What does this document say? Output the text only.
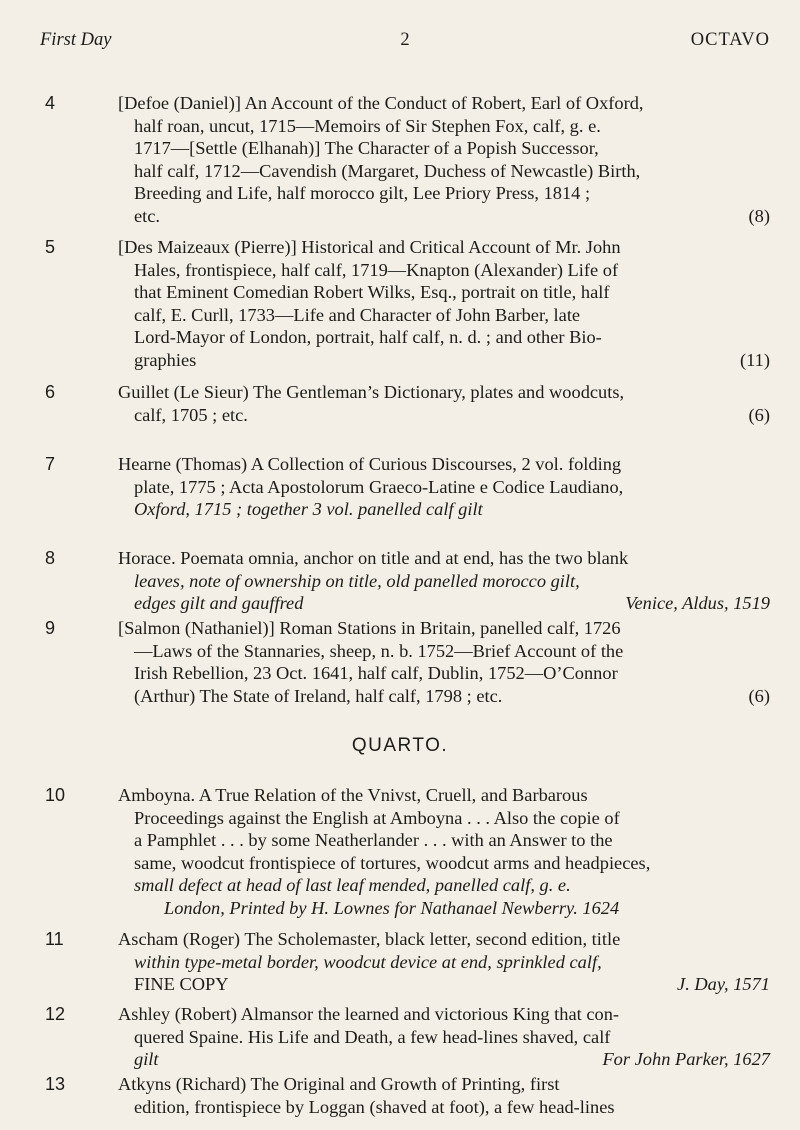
First Day	2	OCTAVO
4	[Defoe (Daniel)] An Account of the Conduct of Robert, Earl of Oxford,

half roan, uncut, 1715—Memoirs of Sir Stephen Fox, calf, g. e.

1717—[Settle (Elhanah)] The Character of a Popish Successor,

half calf, 1712—Cavendish (Margaret, Duchess of Newcastle) Birth,

Breeding and Life, half morocco gilt, Lee Priory Press, 1814 ;

etc.	(8)

5	[Des Maizeaux (Pierre)] Historical and Critical Account of Mr. John

Hales, frontispiece, half calf, 1719—Knapton (Alexander) Life of

that Eminent Comedian Robert Wilks, Esq., portrait on title, half

calf, E. Curll, 1733—Life and Character of John Barber, late

Lord-Mayor of London, portrait, half calf, n. d. ; and other Bio-

graphies	(11)

6	Guillet (Le Sieur) The Gentleman’s Dictionary, plates and woodcuts,

calf, 1705 ; etc.	(6)

7	Hearne (Thomas) A Collection of Curious Discourses, 2 vol. folding

plate, 1775 ; Acta Apostolorum Graeco-Latine e Codice Laudiano,

Oxford, 1715 ; together 3 vol. panelled calf gilt

8	Horace. Poemata omnia, anchor on title and at end, has the two blank

leaves, note of ownership on title, old panelled morocco gilt,

edges gilt and gauffred	Venice, Aldus, 1519

9	[Salmon (Nathaniel)] Roman Stations in Britain, panelled calf, 1726

—Laws of the Stannaries, sheep, n. b. 1752—Brief Account of the

Irish Rebellion, 23 Oct. 1641, half calf, Dublin, 1752—O’Connor

(Arthur) The State of Ireland, half calf, 1798 ; etc.	(6)

QUARTO.
10	Amboyna. A True Relation of the Vnivst, Cruell, and Barbarous

Proceedings against the English at Amboyna . . . Also the copie of

a Pamphlet . . . by some Neatherlander . . . with an Answer to the

same, woodcut frontispiece of tortures, woodcut arms and headpieces,

small defect at head of last leaf mended, panelled calf, g. e.

London, Printed by H. Lownes for Nathanael Newberry. 1624

11	Ascham (Roger) The Scholemaster, black letter, second edition, title

within type-metal border, woodcut device at end, sprinkled calf,

FINE COPY	J. Day, 1571

12	Ashley (Robert) Almansor the learned and victorious King that con-

quered Spaine. His Life and Death, a few head-lines shaved, calf

gilt	For John Parker, 1627

13	Atkyns (Richard) The Original and Growth of Printing, first

edition, frontispiece by Loggan (shaved at foot), a few head-lines
